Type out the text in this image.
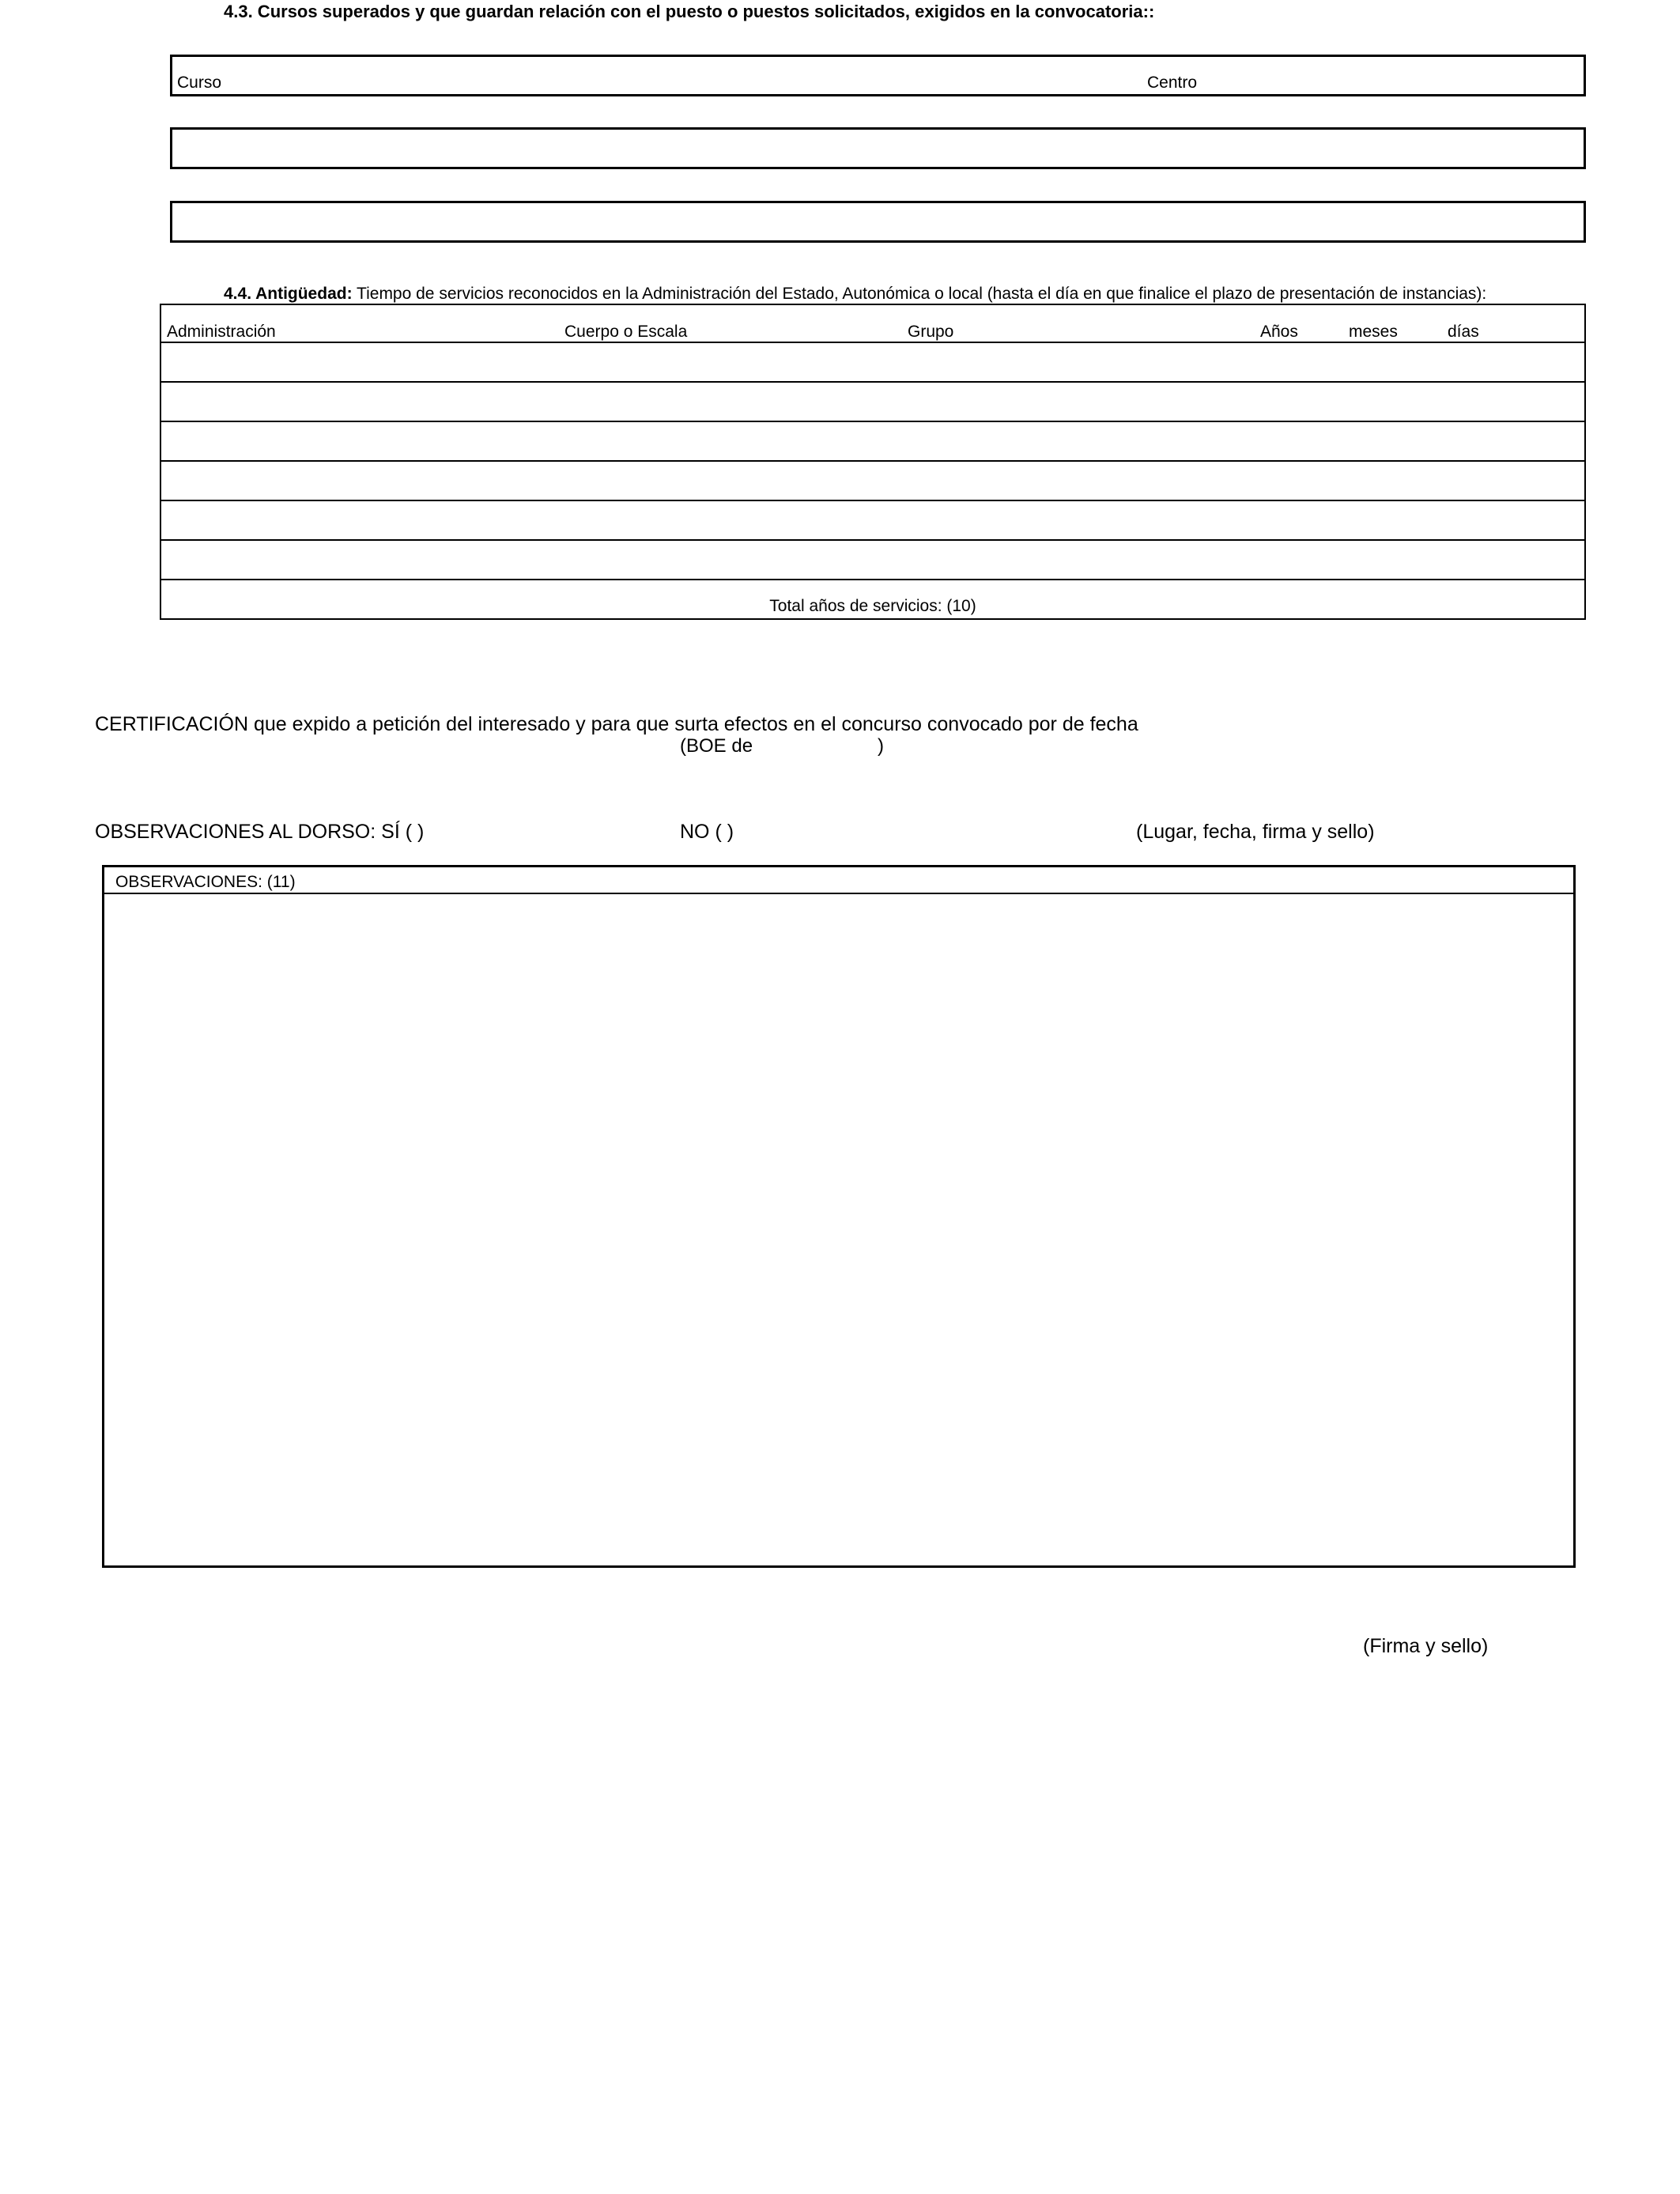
4.3. Cursos superados y que guardan relación con el puesto o puestos solicitados, exigidos en la convocatoria::
Curso	Centro
4.4. Antigüedad: Tiempo de servicios reconocidos en la Administración del Estado, Autonómica o local (hasta el día en que finalice el plazo de presentación de instancias):
Administración	Cuerpo o Escala	Grupo	Años	meses	días
Total años de servicios: (10)
CERTIFICACIÓN que expido a petición del interesado y para que surta efectos en el concurso convocado por de fecha
(BOE de	)
OBSERVACIONES AL DORSO: SÍ ( )	NO ( )	(Lugar, fecha, firma y sello)
OBSERVACIONES: (11)
(Firma y sello)
